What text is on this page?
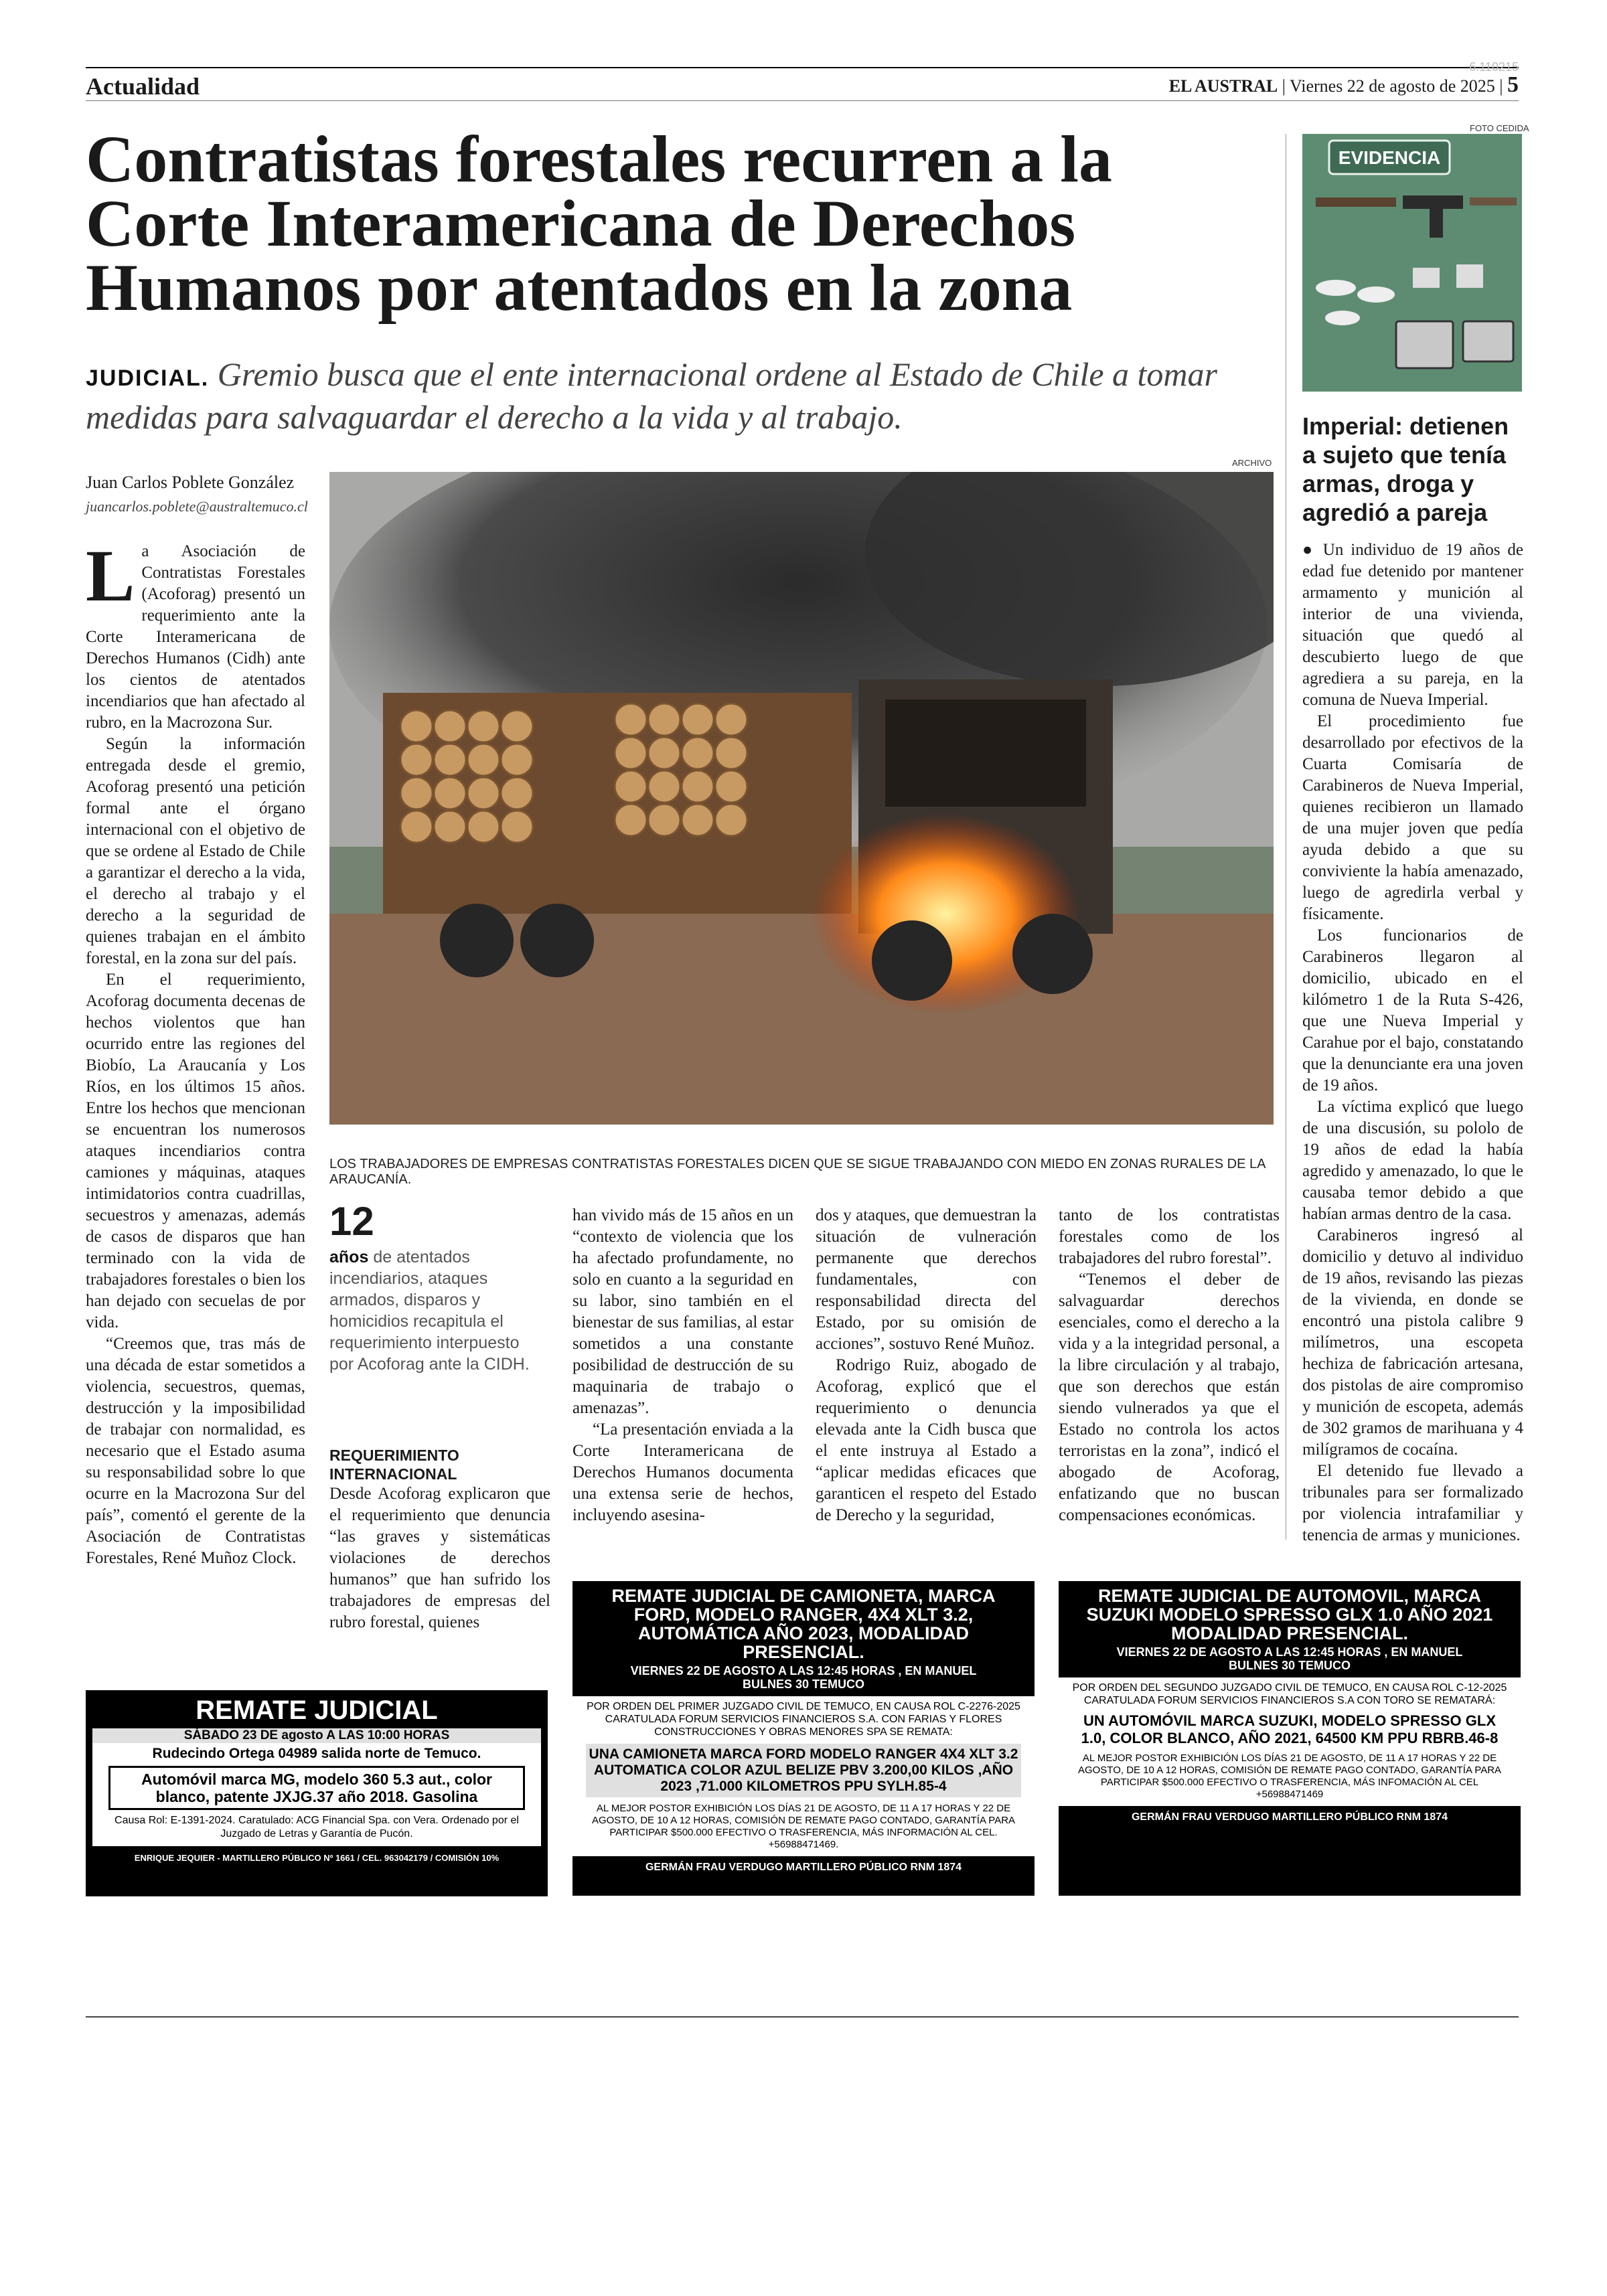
Actualidad
6.110215
EL AUSTRAL | Viernes 22 de agosto de 2025 | 5
Contratistas forestales recurren a la Corte Interamericana de Derechos Humanos por atentados en la zona
JUDICIAL. Gremio busca que el ente internacional ordene al Estado de Chile a tomar medidas para salvaguardar el derecho a la vida y al trabajo.
Juan Carlos Poblete González
juancarlos.poblete@australtemuco.cl
ARCHIVO
LOS TRABAJADORES DE EMPRESAS CONTRATISTAS FORESTALES DICEN QUE SE SIGUE TRABAJANDO CON MIEDO EN ZONAS RURALES DE LA ARAUCANÍA.

La Asociación de Contratistas Forestales (Acoforag) presentó un requerimiento ante la Corte Interamericana de Derechos Humanos (Cidh) ante los cientos de atentados incendiarios que han afectado al rubro, en la Macrozona Sur.

Según la información entregada desde el gremio, Acoforag presentó una petición formal ante el órgano internacional con el objetivo de que se ordene al Estado de Chile a garantizar el derecho a la vida, el derecho al trabajo y el derecho a la seguridad de quienes trabajan en el ámbito forestal, en la zona sur del país.

En el requerimiento, Acoforag documenta decenas de hechos violentos que han ocurrido entre las regiones del Biobío, La Araucanía y Los Ríos, en los últimos 15 años. Entre los hechos que mencionan se encuentran los numerosos ataques incendiarios contra camiones y máquinas, ataques intimidatorios contra cuadrillas, secuestros y amenazas, además de casos de disparos que han terminado con la vida de trabajadores forestales o bien los han dejado con secuelas de por vida.

“Creemos que, tras más de una década de estar sometidos a violencia, secuestros, quemas, destrucción y la imposibilidad de trabajar con normalidad, es necesario que el Estado asuma su responsabilidad sobre lo que ocurre en la Macrozona Sur del país”, comentó el gerente de la Asociación de Contratistas Forestales, René Muñoz Clock.

12
años de atentados incendiarios, ataques armados, disparos y homicidios recapitula el requerimiento interpuesto por Acoforag ante la CIDH.

REQUERIMIENTO INTERNACIONAL

Desde Acoforag explicaron que el requerimiento que denuncia “las graves y sistemáticas violaciones de derechos humanos” que han sufrido los trabajadores de empresas del rubro forestal, quienes

han vivido más de 15 años en un “contexto de violencia que los ha afectado profundamente, no solo en cuanto a la seguridad en su labor, sino también en el bienestar de sus familias, al estar sometidos a una constante posibilidad de destrucción de su maquinaria de trabajo o amenazas”.

“La presentación enviada a la Corte Interamericana de Derechos Humanos documenta una extensa serie de hechos, incluyendo asesina-

dos y ataques, que demuestran la situación de vulneración permanente que derechos fundamentales, con responsabilidad directa del Estado, por su omisión de acciones”, sostuvo René Muñoz.

Rodrigo Ruiz, abogado de Acoforag, explicó que el requerimiento o denuncia elevada ante la Cidh busca que el ente instruya al Estado a “aplicar medidas eficaces que garanticen el respeto del Estado de Derecho y la seguridad,

tanto de los contratistas forestales como de los trabajadores del rubro forestal”.

“Tenemos el deber de salvaguardar derechos esenciales, como el derecho a la vida y a la integridad personal, a la libre circulación y al trabajo, que son derechos que están siendo vulnerados ya que el Estado no controla los actos terroristas en la zona”, indicó el abogado de Acoforag, enfatizando que no buscan compensaciones económicas.

FOTO CEDIDA
EVIDENCIA
Imperial: detienen a sujeto que tenía armas, droga y agredió a pareja

● Un individuo de 19 años de edad fue detenido por mantener armamento y munición al interior de una vivienda, situación que quedó al descubierto luego de que agrediera a su pareja, en la comuna de Nueva Imperial.

El procedimiento fue desarrollado por efectivos de la Cuarta Comisaría de Carabineros de Nueva Imperial, quienes recibieron un llamado de una mujer joven que pedía ayuda debido a que su conviviente la había amenazado, luego de agredirla verbal y físicamente.

Los funcionarios de Carabineros llegaron al domicilio, ubicado en el kilómetro 1 de la Ruta S-426, que une Nueva Imperial y Carahue por el bajo, constatando que la denunciante era una joven de 19 años.

La víctima explicó que luego de una discusión, su pololo de 19 años de edad la había agredido y amenazado, lo que le causaba temor debido a que habían armas dentro de la casa.

Carabineros ingresó al domicilio y detuvo al individuo de 19 años, revisando las piezas de la vivienda, en donde se encontró una pistola calibre 9 milímetros, una escopeta hechiza de fabricación artesana, dos pistolas de aire compromiso y munición de escopeta, además de 302 gramos de marihuana y 4 milígramos de cocaína.

El detenido fue llevado a tribunales para ser formalizado por violencia intrafamiliar y tenencia de armas y municiones.

REMATE JUDICIAL

SÁBADO 23 DE agosto A LAS 10:00 HORAS

Rudecindo Ortega 04989 salida norte de Temuco.

Automóvil marca MG, modelo 360 5.3 aut., color blanco, patente JXJG.37 año 2018. Gasolina

Causa Rol: E-1391-2024. Caratulado: ACG Financial Spa. con Vera. Ordenado por el Juzgado de Letras y Garantía de Pucón.

ENRIQUE JEQUIER - MARTILLERO PÚBLICO Nº 1661 / CEL. 963042179 / COMISIÓN 10%

REMATE JUDICIAL DE CAMIONETA, MARCA FORD, MODELO RANGER, 4X4 XLT 3.2, AUTOMÁTICA AÑO 2023, MODALIDAD PRESENCIAL.

VIERNES 22 DE AGOSTO A LAS 12:45 HORAS , EN MANUEL BULNES 30 TEMUCO

POR ORDEN DEL PRIMER JUZGADO CIVIL DE TEMUCO, EN CAUSA ROL C-2276-2025 CARATULADA FORUM SERVICIOS FINANCIEROS S.A. CON FARIAS Y FLORES CONSTRUCCIONES Y OBRAS MENORES SPA SE REMATA:

UNA CAMIONETA MARCA FORD MODELO RANGER 4X4 XLT 3.2 AUTOMATICA COLOR AZUL BELIZE PBV 3.200,00 KILOS ,AÑO 2023 ,71.000 KILOMETROS PPU SYLH.85-4

AL MEJOR POSTOR EXHIBICIÓN LOS DÍAS 21 DE AGOSTO, DE 11 A 17 HORAS Y 22 DE AGOSTO, DE 10 A 12 HORAS, COMISIÓN DE REMATE PAGO CONTADO, GARANTÍA PARA PARTICIPAR $500.000 EFECTIVO O TRASFERENCIA, MÁS INFORMACIÓN AL CEL. +56988471469.

GERMÁN FRAU VERDUGO MARTILLERO PÚBLICO RNM 1874

REMATE JUDICIAL DE AUTOMOVIL, MARCA SUZUKI MODELO SPRESSO GLX 1.0 AÑO 2021 MODALIDAD PRESENCIAL.

VIERNES 22 DE AGOSTO A LAS 12:45 HORAS , EN MANUEL BULNES 30 TEMUCO

POR ORDEN DEL SEGUNDO JUZGADO CIVIL DE TEMUCO, EN CAUSA ROL C-12-2025 CARATULADA FORUM SERVICIOS FINANCIEROS S.A CON TORO SE REMATARÁ:

UN AUTOMÓVIL MARCA SUZUKI, MODELO SPRESSO GLX 1.0, COLOR BLANCO, AÑO 2021, 64500 KM PPU RBRB.46-8

AL MEJOR POSTOR EXHIBICIÓN LOS DÍAS 21 DE AGOSTO, DE 11 A 17 HORAS Y 22 DE AGOSTO, DE 10 A 12 HORAS, COMISIÓN DE REMATE PAGO CONTADO, GARANTÍA PARA PARTICIPAR $500.000 EFECTIVO O TRASFERENCIA, MÁS INFOMACIÓN AL CEL +56988471469

GERMÁN FRAU VERDUGO MARTILLERO PÚBLICO RNM 1874
